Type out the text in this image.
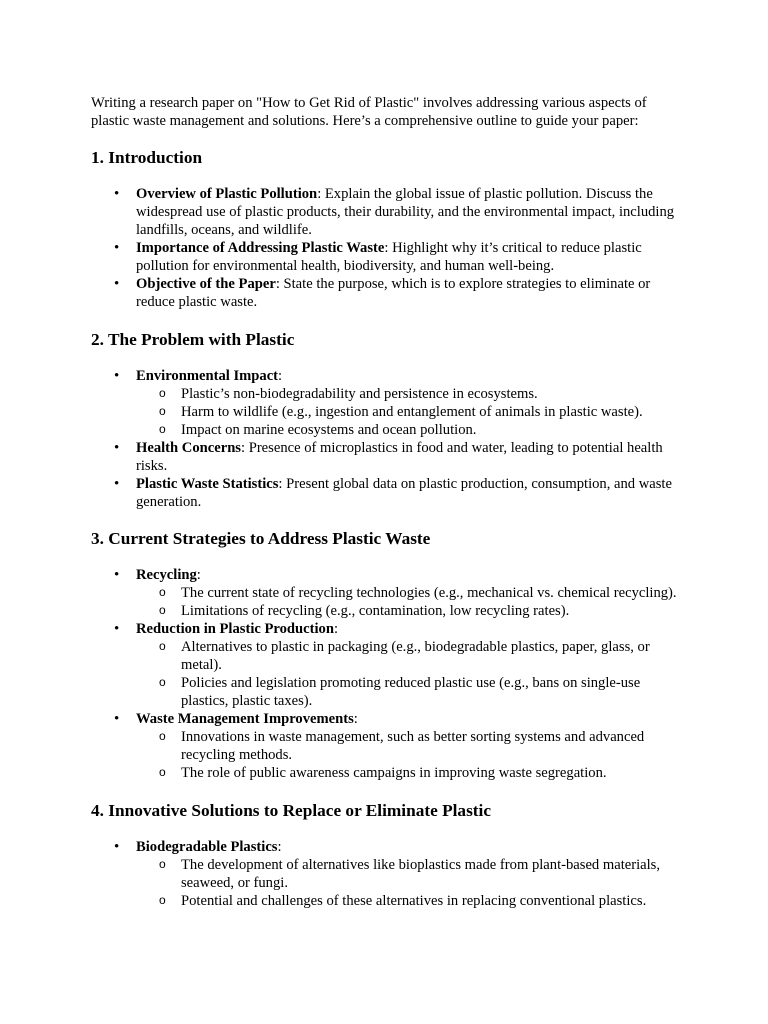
Writing a research paper on "How to Get Rid of Plastic" involves addressing various aspects of plastic waste management and solutions. Here’s a comprehensive outline to guide your paper:

1. Introduction
• Overview of Plastic Pollution: Explain the global issue of plastic pollution. Discuss the widespread use of plastic products, their durability, and the environmental impact, including landfills, oceans, and wildlife.
• Importance of Addressing Plastic Waste: Highlight why it’s critical to reduce plastic pollution for environmental health, biodiversity, and human well-being.
• Objective of the Paper: State the purpose, which is to explore strategies to eliminate or reduce plastic waste.
2. The Problem with Plastic
• Environmental Impact:
o Plastic’s non-biodegradability and persistence in ecosystems.
o Harm to wildlife (e.g., ingestion and entanglement of animals in plastic waste).
o Impact on marine ecosystems and ocean pollution.
• Health Concerns: Presence of microplastics in food and water, leading to potential health risks.
• Plastic Waste Statistics: Present global data on plastic production, consumption, and waste generation.
3. Current Strategies to Address Plastic Waste
• Recycling:
o The current state of recycling technologies (e.g., mechanical vs. chemical recycling).
o Limitations of recycling (e.g., contamination, low recycling rates).
• Reduction in Plastic Production:
o Alternatives to plastic in packaging (e.g., biodegradable plastics, paper, glass, or metal).
o Policies and legislation promoting reduced plastic use (e.g., bans on single-use plastics, plastic taxes).
• Waste Management Improvements:
o Innovations in waste management, such as better sorting systems and advanced recycling methods.
o The role of public awareness campaigns in improving waste segregation.
4. Innovative Solutions to Replace or Eliminate Plastic
• Biodegradable Plastics:
o The development of alternatives like bioplastics made from plant-based materials, seaweed, or fungi.
o Potential and challenges of these alternatives in replacing conventional plastics.
